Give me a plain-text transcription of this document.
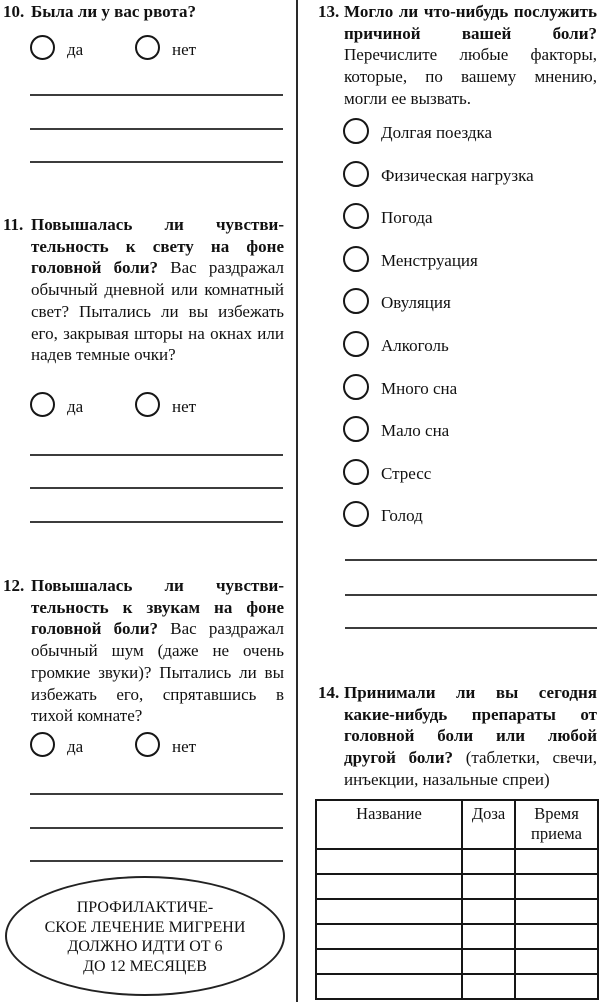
10. Была ли у вас рвота?

да	нет

11. Повышалась ли чувствительность к свету на фоне головной боли? Вас раздражал обычный дневной или комнатный свет? Пытались ли вы избежать его, закрывая шторы на окнах или надев темные очки?

да	нет

12. Повышалась ли чувствительность к звукам на фоне головной боли? Вас раздражал обычный шум (даже не очень громкие звуки)? Пытались ли вы избежать его, спрятавшись в тихой комнате?

да	нет
ПРОФИЛАКТИЧЕ-
СКОЕ ЛЕЧЕНИЕ МИГРЕНИ
ДОЛЖНО ИДТИ ОТ 6
ДО 12 МЕСЯЦЕВ

13. Могло ли что-нибудь послужить причиной вашей боли? Перечислите любые факторы, которые, по вашему мнению, могли ее вызвать.

Долгая поездка
Физическая нагрузка
Погода
Менструация
Овуляция
Алкоголь
Много сна
Мало сна
Стресс
Голод

14. Принимали ли вы сегодня какие-нибудь препараты от головной боли или любой другой боли? (таблетки, свечи, инъекции, назальные спреи)

Название	Доза	Время приема
